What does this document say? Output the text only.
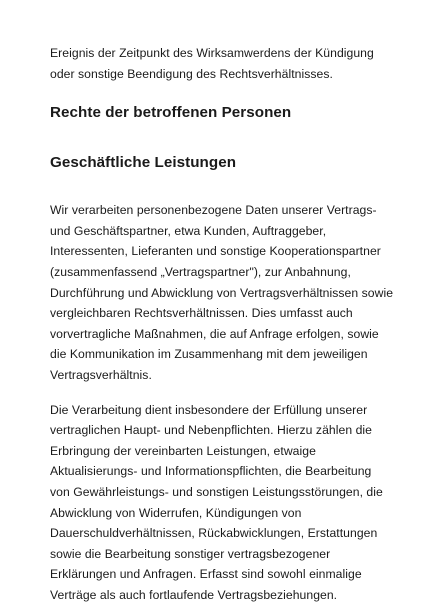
Ereignis der Zeitpunkt des Wirksamwerdens der Kündigung
oder sonstige Beendigung des Rechtsverhältnisses.

Rechte der betroffenen Personen
Geschäftliche Leistungen

Wir verarbeiten personenbezogene Daten unserer Vertrags-
und Geschäftspartner, etwa Kunden, Auftraggeber,
Interessenten, Lieferanten und sonstige Kooperationspartner
(zusammenfassend „Vertragspartner"), zur Anbahnung,
Durchführung und Abwicklung von Vertragsverhältnissen sowie
vergleichbaren Rechtsverhältnissen. Dies umfasst auch
vorvertragliche Maßnahmen, die auf Anfrage erfolgen, sowie
die Kommunikation im Zusammenhang mit dem jeweiligen
Vertragsverhältnis.

Die Verarbeitung dient insbesondere der Erfüllung unserer
vertraglichen Haupt- und Nebenpflichten. Hierzu zählen die
Erbringung der vereinbarten Leistungen, etwaige
Aktualisierungs- und Informationspflichten, die Bearbeitung
von Gewährleistungs- und sonstigen Leistungsstörungen, die
Abwicklung von Widerrufen, Kündigungen von
Dauerschuldverhältnissen, Rückabwicklungen, Erstattungen
sowie die Bearbeitung sonstiger vertragsbezogener
Erklärungen und Anfragen. Erfasst sind sowohl einmalige
Verträge als auch fortlaufende Vertragsbeziehungen.
